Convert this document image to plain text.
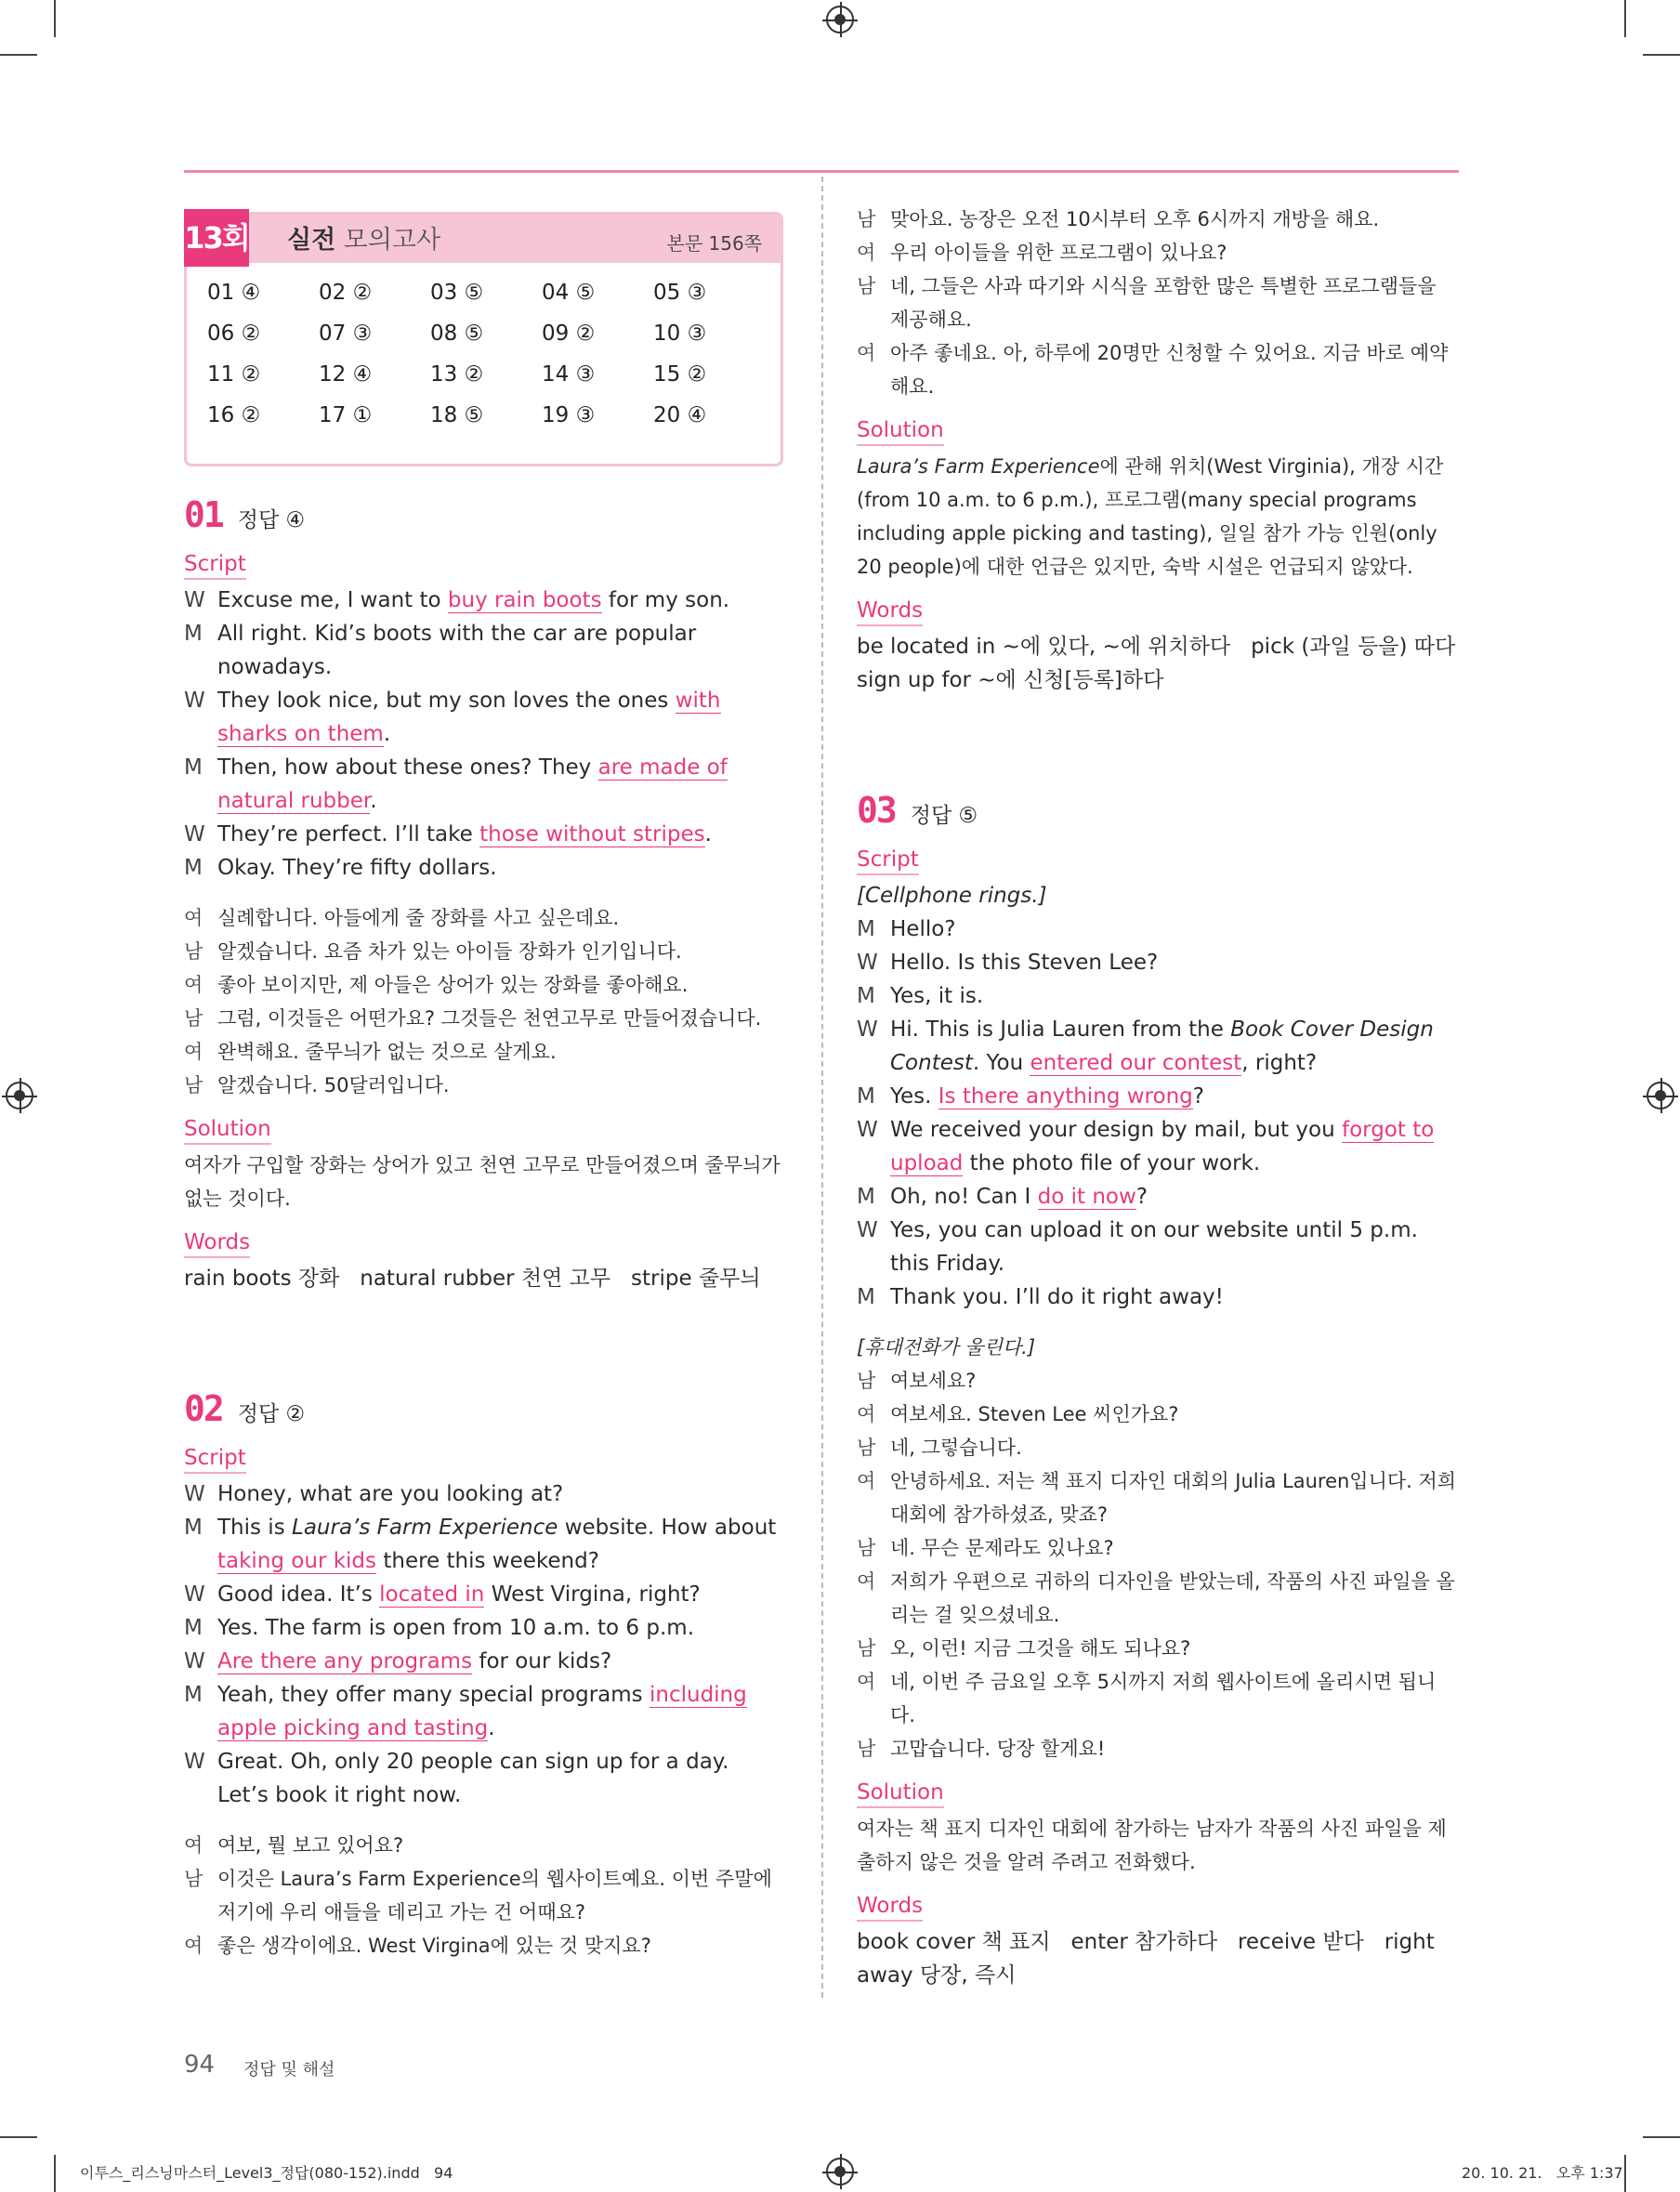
13회 실전 모의고사	본문 156쪽
01 ④	02 ②	03 ⑤	04 ⑤	05 ③
06 ②	07 ③	08 ⑤	09 ②	10 ③
11 ②	12 ④	13 ②	14 ③	15 ②
16 ②	17 ①	18 ⑤	19 ③	20 ④
01 정답 ④
Script
W Excuse me, I want to buy rain boots for my son.
M All right. Kid’s boots with the car are popular nowadays.
W They look nice, but my son loves the ones with sharks on them.
M Then, how about these ones? They are made of natural rubber.
W They’re perfect. I’ll take those without stripes.
M Okay. They’re fifty dollars.
여 실례합니다. 아들에게 줄 장화를 사고 싶은데요.
남 알겠습니다. 요즘 차가 있는 아이들 장화가 인기입니다.
여 좋아 보이지만, 제 아들은 상어가 있는 장화를 좋아해요.
남 그럼, 이것들은 어떤가요? 그것들은 천연고무로 만들어졌습니다.
여 완벽해요. 줄무늬가 없는 것으로 살게요.
남 알겠습니다. 50달러입니다.
Solution
여자가 구입할 장화는 상어가 있고 천연 고무로 만들어졌으며 줄무늬가 없는 것이다.
Words
rain boots 장화   natural rubber 천연 고무   stripe 줄무늬
02 정답 ②
Script
W Honey, what are you looking at?
M This is Laura’s Farm Experience website. How about taking our kids there this weekend?
W Good idea. It’s located in West Virgina, right?
M Yes. The farm is open from 10 a.m. to 6 p.m.
W Are there any programs for our kids?
M Yeah, they offer many special programs including apple picking and tasting.
W Great. Oh, only 20 people can sign up for a day. Let’s book it right now.
여 여보, 뭘 보고 있어요?
남 이것은 Laura’s Farm Experience의 웹사이트예요. 이번 주말에 저기에 우리 애들을 데리고 가는 건 어때요?
여 좋은 생각이에요. West Virgina에 있는 것 맞지요?
남 맞아요. 농장은 오전 10시부터 오후 6시까지 개방을 해요.
여 우리 아이들을 위한 프로그램이 있나요?
남 네, 그들은 사과 따기와 시식을 포함한 많은 특별한 프로그램들을 제공해요.
여 아주 좋네요. 아, 하루에 20명만 신청할 수 있어요. 지금 바로 예약해요.
Solution
Laura’s Farm Experience에 관해 위치(West Virginia), 개장 시간(from 10 a.m. to 6 p.m.), 프로그램(many special programs including apple picking and tasting), 일일 참가 가능 인원(only 20 people)에 대한 언급은 있지만, 숙박 시설은 언급되지 않았다.
Words
be located in ~에 있다, ~에 위치하다   pick (과일 등을) 따다
sign up for ~에 신청[등록]하다
03 정답 ⑤
Script
[Cellphone rings.]
M Hello?
W Hello. Is this Steven Lee?
M Yes, it is.
W Hi. This is Julia Lauren from the Book Cover Design Contest. You entered our contest, right?
M Yes. Is there anything wrong?
W We received your design by mail, but you forgot to upload the photo file of your work.
M Oh, no! Can I do it now?
W Yes, you can upload it on our website until 5 p.m. this Friday.
M Thank you. I’ll do it right away!
[휴대전화가 울린다.]
남 여보세요?
여 여보세요. Steven Lee 씨인가요?
남 네, 그렇습니다.
여 안녕하세요. 저는 책 표지 디자인 대회의 Julia Lauren입니다. 저희 대회에 참가하셨죠, 맞죠?
남 네. 무슨 문제라도 있나요?
여 저희가 우편으로 귀하의 디자인을 받았는데, 작품의 사진 파일을 올리는 걸 잊으셨네요.
남 오, 이런! 지금 그것을 해도 되나요?
여 네, 이번 주 금요일 오후 5시까지 저희 웹사이트에 올리시면 됩니다.
남 고맙습니다. 당장 할게요!
Solution
여자는 책 표지 디자인 대회에 참가하는 남자가 작품의 사진 파일을 제출하지 않은 것을 알려 주려고 전화했다.
Words
book cover 책 표지   enter 참가하다   receive 받다   right away 당장, 즉시
94 정답 및 해설
이투스_리스닝마스터_Level3_정답(080-152).indd   94	20. 10. 21.   오후 1:37
